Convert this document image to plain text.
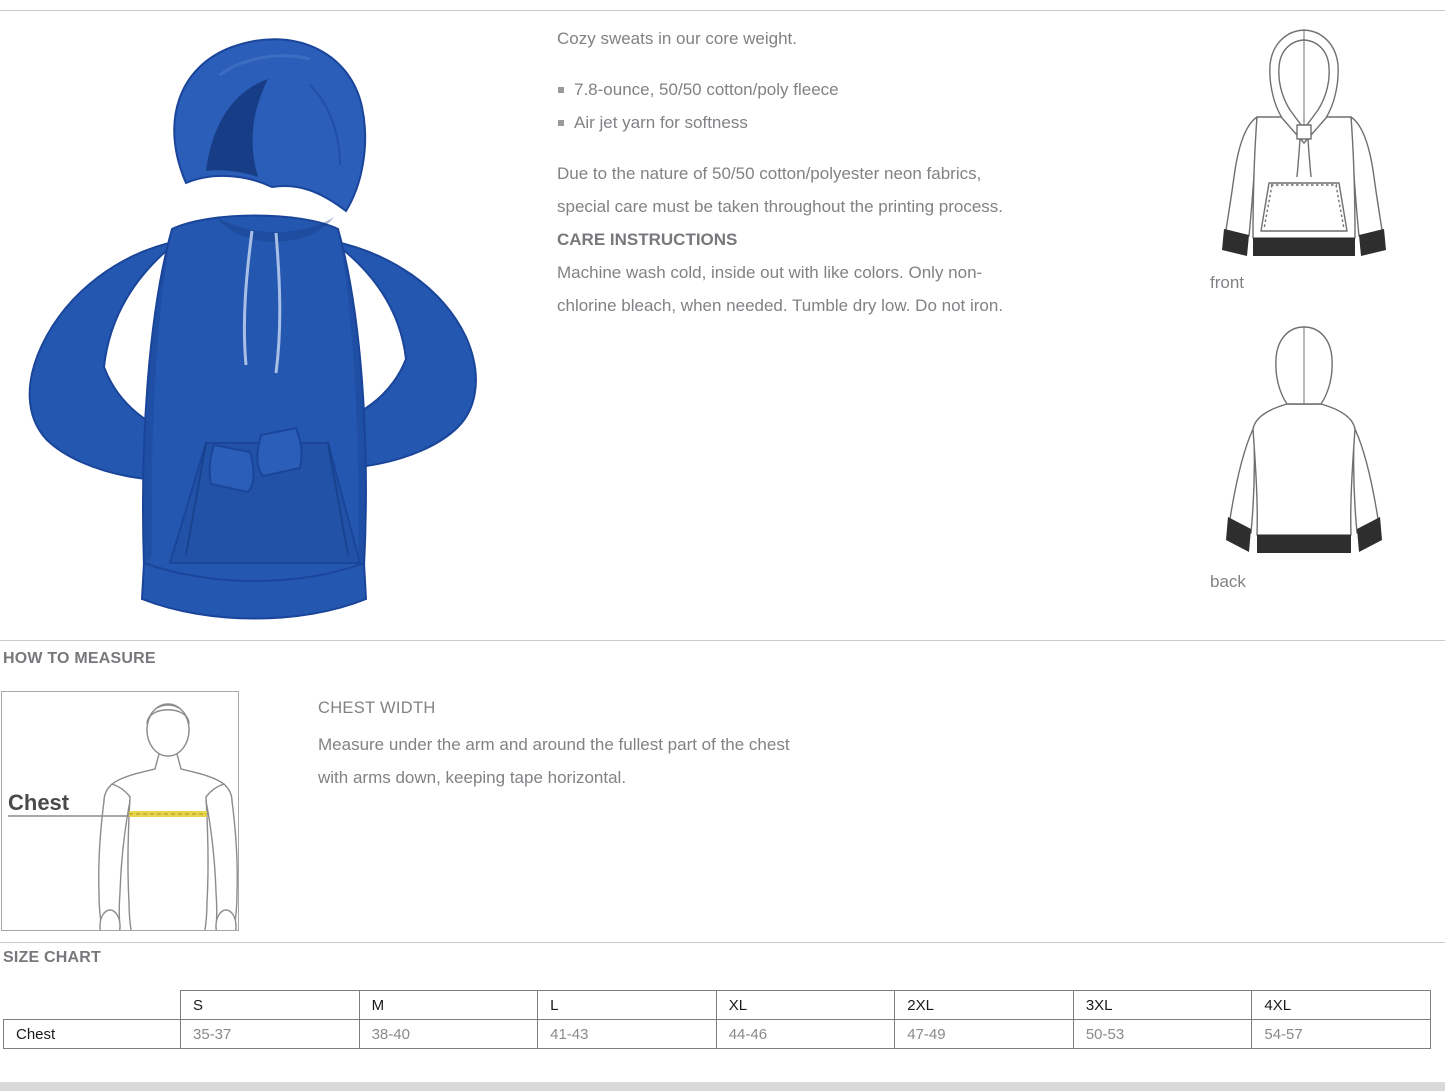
Cozy sweats in our core weight.

7.8-ounce, 50/50 cotton/poly fleece
Air jet yarn for softness

Due to the nature of 50/50 cotton/polyester neon fabrics, special care must be taken throughout the printing process.

CARE INSTRUCTIONS

Machine wash cold, inside out with like colors. Only non-chlorine bleach, when needed. Tumble dry low. Do not iron.

front
back
HOW TO MEASURE
Chest

CHEST WIDTH

Measure under the arm and around the fullest part of the chest with arms down, keeping tape horizontal.

SIZE CHART
	S	M	L	XL	2XL	3XL	4XL
Chest	35-37	38-40	41-43	44-46	47-49	50-53	54-57
